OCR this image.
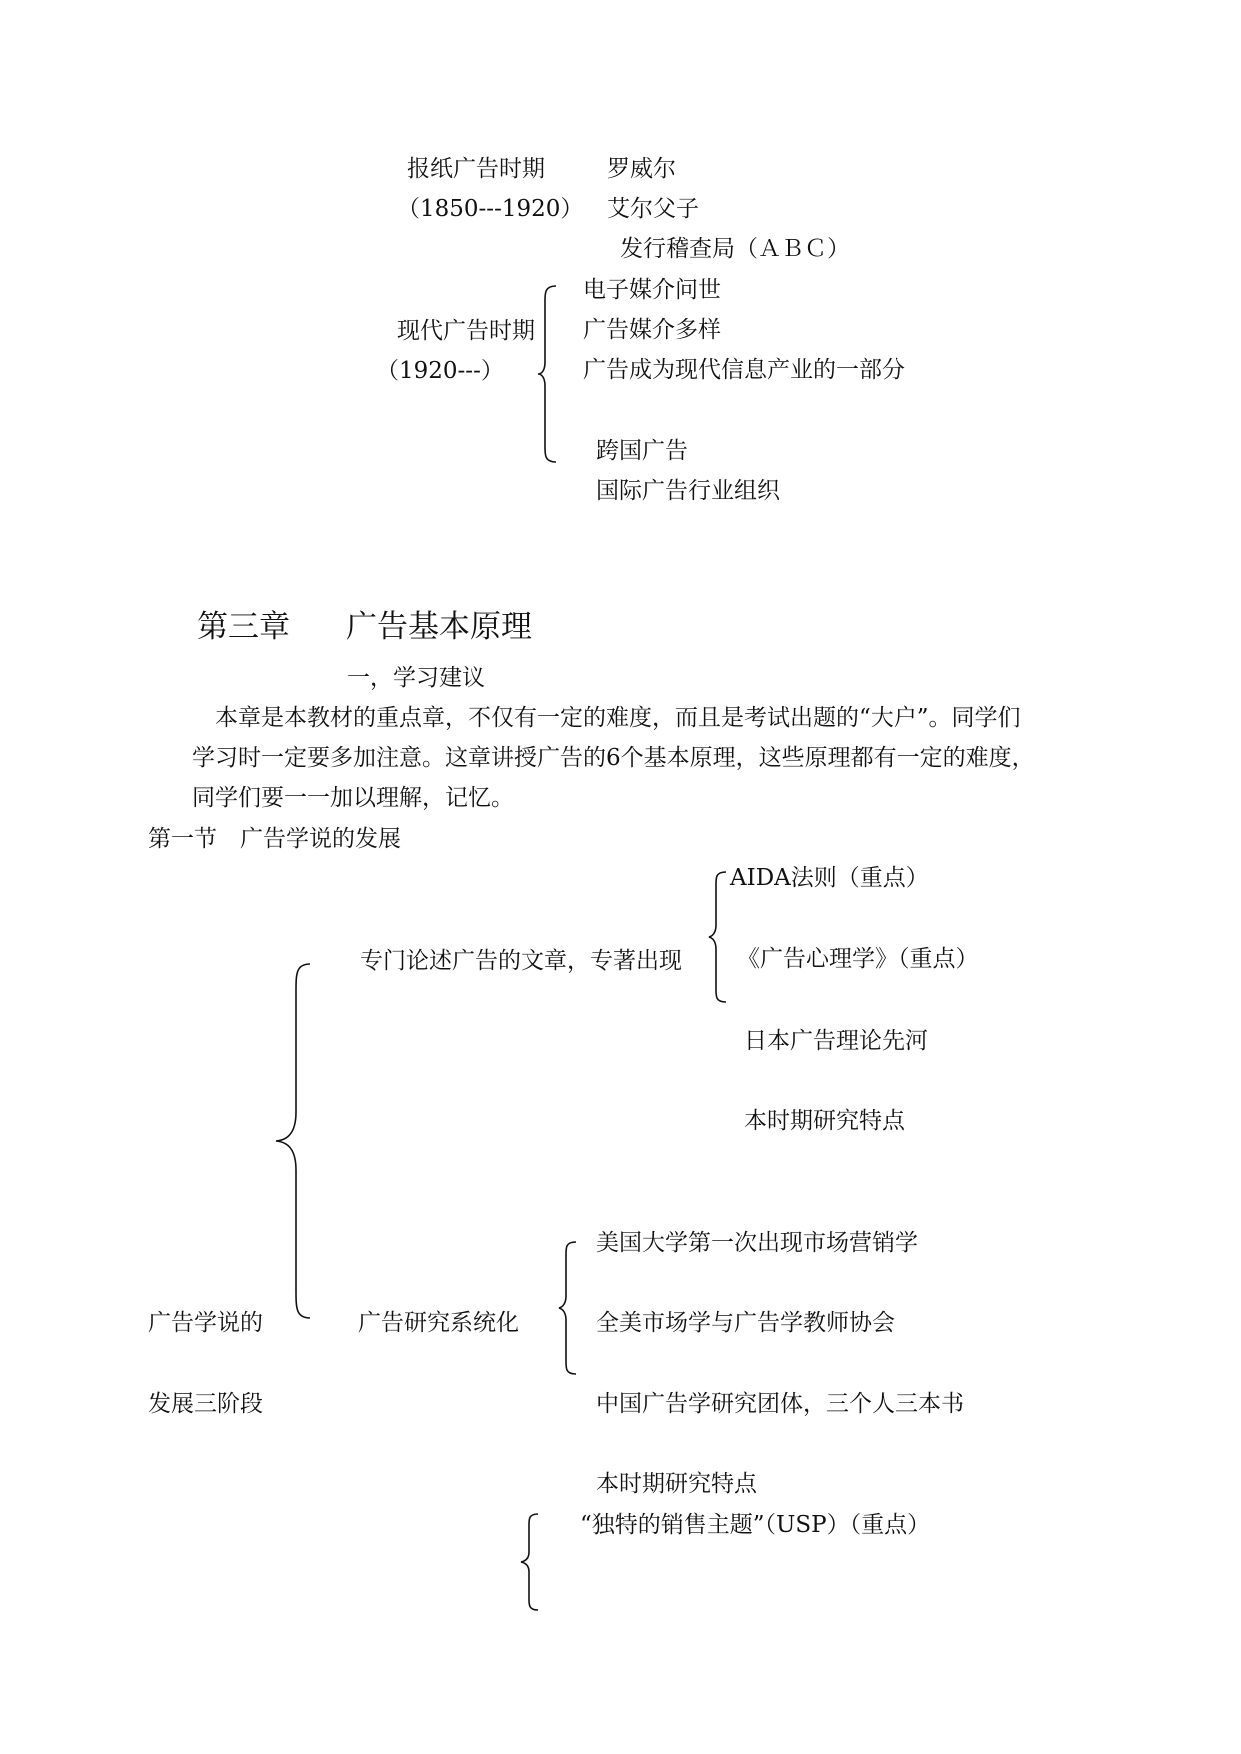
报纸广告时期
（1850---1920）
罗威尔
艾尔父子
发行稽查局（ＡＢＣ）
现代广告时期
（1920---）
电子媒介问世
广告媒介多样
广告成为现代信息产业的一部分
跨国广告
国际广告行业组织
第三章 广告基本原理
一，学习建议
本章是本教材的重点章，不仅有一定的难度，而且是考试出题的“大户”。同学们
学习时一定要多加注意。这章讲授广告的6个基本原理，这些原理都有一定的难度，
同学们要一一加以理解，记忆。
第一节　广告学说的发展
AIDA法则（重点）
《广告心理学》（重点）
专门论述广告的文章，专著出现
日本广告理论先河
本时期研究特点
美国大学第一次出现市场营销学
广告学说的	广告研究系统化	全美市场学与广告学教师协会
发展三阶段	中国广告学研究团体，三个人三本书
本时期研究特点
“独特的销售主题”（USP）（重点）
